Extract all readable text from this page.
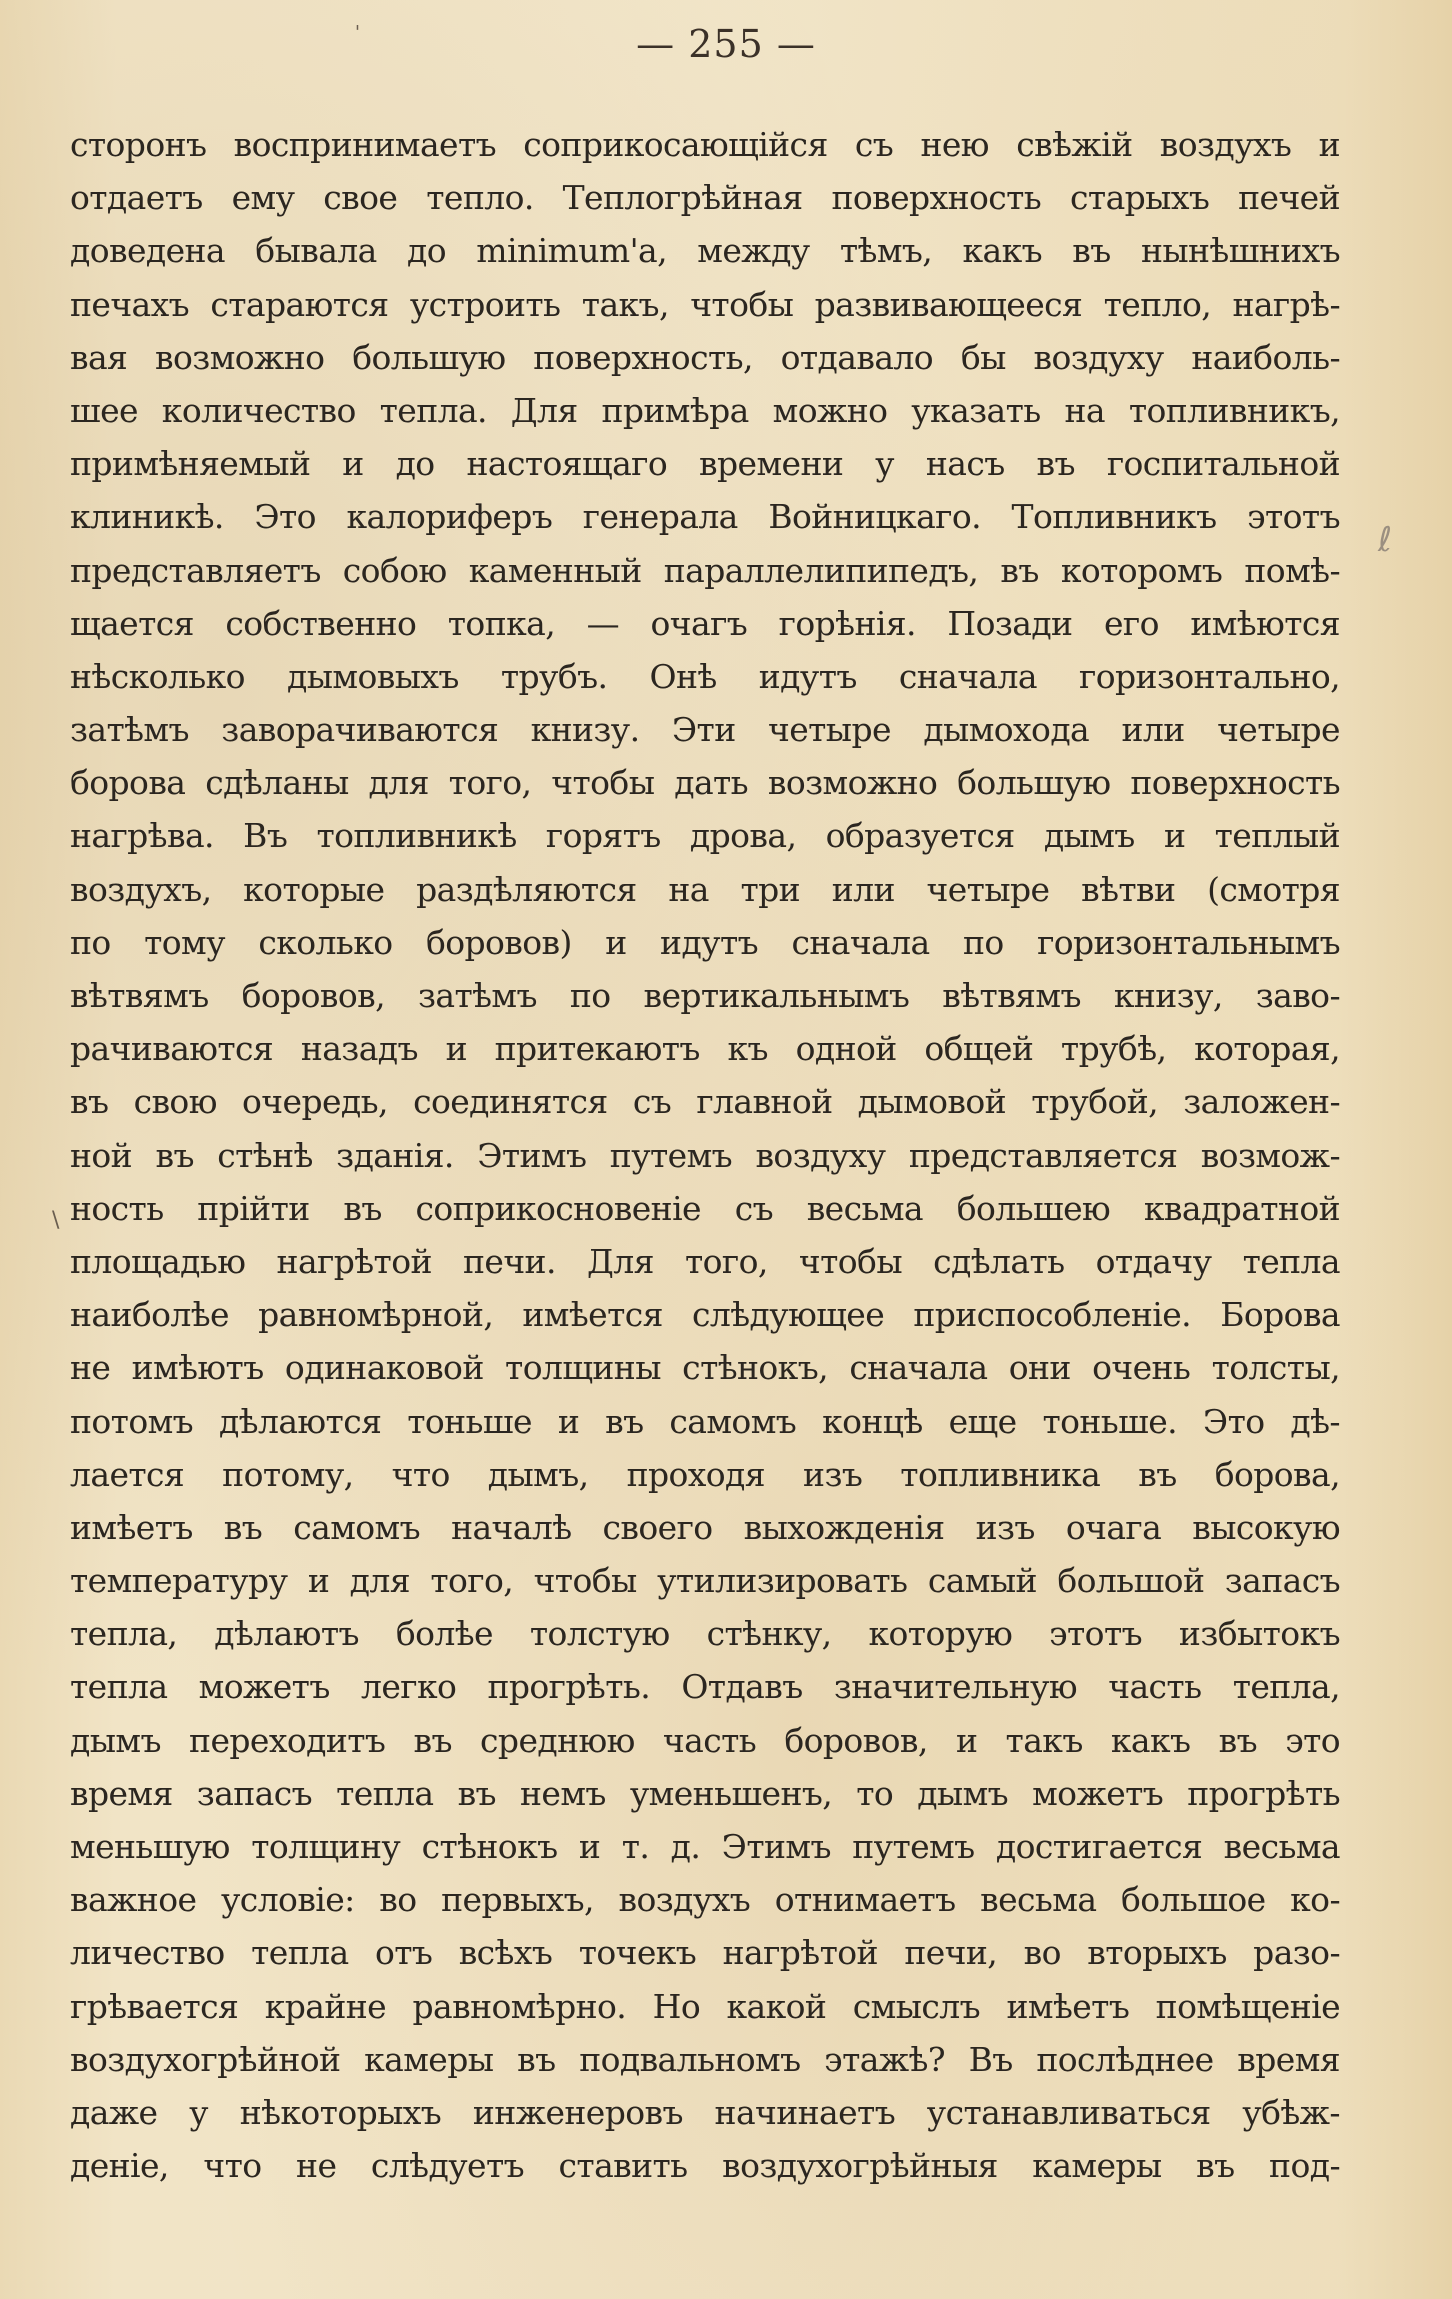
— 255 —
сторонъ воспринимаетъ соприкосающійся съ нею свѣжій воздухъ и
отдаетъ ему свое тепло. Теплогрѣйная поверхность старыхъ печей
доведена бывала до minimum'а, между тѣмъ, какъ въ нынѣшнихъ
печахъ стараются устроить такъ, чтобы развивающееся тепло, нагрѣ-
вая возможно большую поверхность, отдавало бы воздуху наиболь-
шее количество тепла. Для примѣра можно указать на топливникъ,
примѣняемый и до настоящаго времени у насъ въ госпитальной
клиникѣ. Это калориферъ генерала Войницкаго. Топливникъ этотъ
представляетъ собою каменный параллелипипедъ, въ которомъ помѣ-
щается собственно топка, — очагъ горѣнія. Позади его имѣются
нѣсколько дымовыхъ трубъ. Онѣ идутъ сначала горизонтально,
затѣмъ заворачиваются книзу. Эти четыре дымохода или четыре
борова сдѣланы для того, чтобы дать возможно большую поверхность
нагрѣва. Въ топливникѣ горятъ дрова, образуется дымъ и теплый
воздухъ, которые раздѣляются на три или четыре вѣтви (смотря
по тому сколько боровов) и идутъ сначала по горизонтальнымъ
вѣтвямъ боровов, затѣмъ по вертикальнымъ вѣтвямъ книзу, заво-
рачиваются назадъ и притекаютъ къ одной общей трубѣ, которая,
въ свою очередь, соединятся съ главной дымовой трубой, заложен-
ной въ стѣнѣ зданія. Этимъ путемъ воздуху представляется возмож-
ность прійти въ соприкосновеніе съ весьма большею квадратной
площадью нагрѣтой печи. Для того, чтобы сдѣлать отдачу тепла
наиболѣе равномѣрной, имѣется слѣдующее приспособленіе. Борова
не имѣютъ одинаковой толщины стѣнокъ, сначала они очень толсты,
потомъ дѣлаются тоньше и въ самомъ концѣ еще тоньше. Это дѣ-
лается потому, что дымъ, проходя изъ топливника въ борова,
имѣетъ въ самомъ началѣ своего выхожденія изъ очага высокую
температуру и для того, чтобы утилизировать самый большой запасъ
тепла, дѣлаютъ болѣе толстую стѣнку, которую этотъ избытокъ
тепла можетъ легко прогрѣть. Отдавъ значительную часть тепла,
дымъ переходитъ въ среднюю часть боровов, и такъ какъ въ это
время запасъ тепла въ немъ уменьшенъ, то дымъ можетъ прогрѣть
меньшую толщину стѣнокъ и т. д. Этимъ путемъ достигается весьма
важное условіе: во первыхъ, воздухъ отнимаетъ весьма большое ко-
личество тепла отъ всѣхъ точекъ нагрѣтой печи, во вторыхъ разо-
грѣвается крайне равномѣрно. Но какой смыслъ имѣетъ помѣщеніе
воздухогрѣйной камеры въ подвальномъ этажѣ? Въ послѣднее время
даже у нѣкоторыхъ инженеровъ начинаетъ устанавливаться убѣж-
деніе, что не слѣдуетъ ставить воздухогрѣйныя камеры въ под-
'
ℓ
\
